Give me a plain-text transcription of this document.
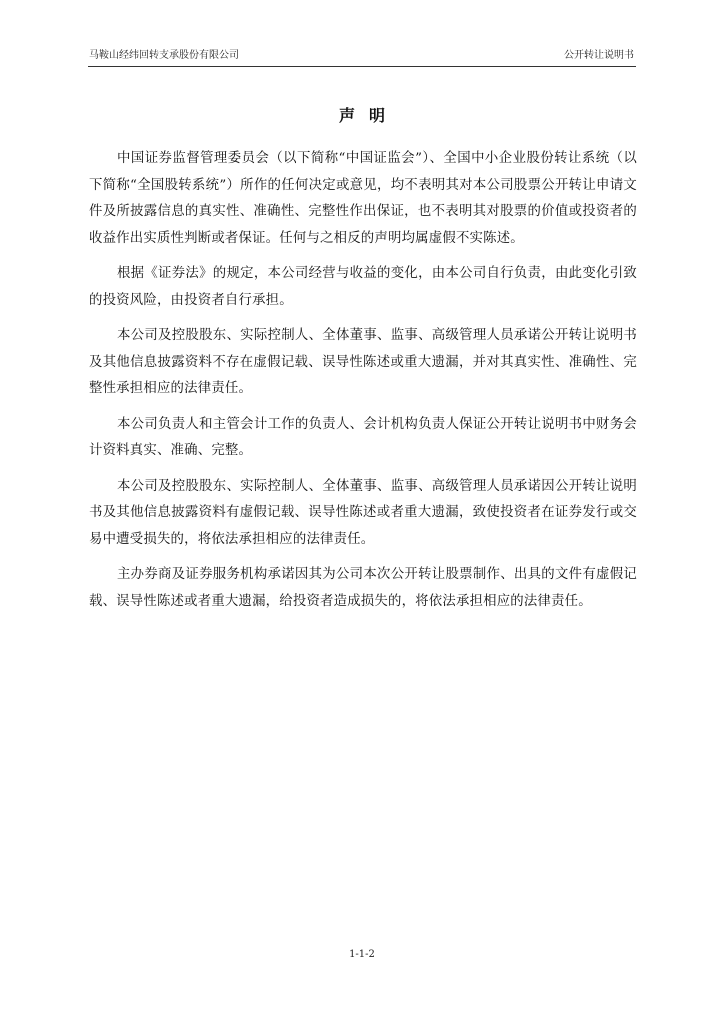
马鞍山经纬回转支承股份有限公司	公开转让说明书
声明

中国证券监督管理委员会（以下简称“中国证监会”）、全国中小企业股份转让系统（以下简称“全国股转系统”）所作的任何决定或意见，均不表明其对本公司股票公开转让申请文件及所披露信息的真实性、准确性、完整性作出保证，也不表明其对股票的价值或投资者的收益作出实质性判断或者保证。任何与之相反的声明均属虚假不实陈述。

根据《证券法》的规定，本公司经营与收益的变化，由本公司自行负责，由此变化引致的投资风险，由投资者自行承担。

本公司及控股股东、实际控制人、全体董事、监事、高级管理人员承诺公开转让说明书及其他信息披露资料不存在虚假记载、误导性陈述或重大遗漏，并对其真实性、准确性、完整性承担相应的法律责任。

本公司负责人和主管会计工作的负责人、会计机构负责人保证公开转让说明书中财务会计资料真实、准确、完整。

本公司及控股股东、实际控制人、全体董事、监事、高级管理人员承诺因公开转让说明书及其他信息披露资料有虚假记载、误导性陈述或者重大遗漏，致使投资者在证券发行或交易中遭受损失的，将依法承担相应的法律责任。

主办券商及证券服务机构承诺因其为公司本次公开转让股票制作、出具的文件有虚假记载、误导性陈述或者重大遗漏，给投资者造成损失的，将依法承担相应的法律责任。

1-1-2
